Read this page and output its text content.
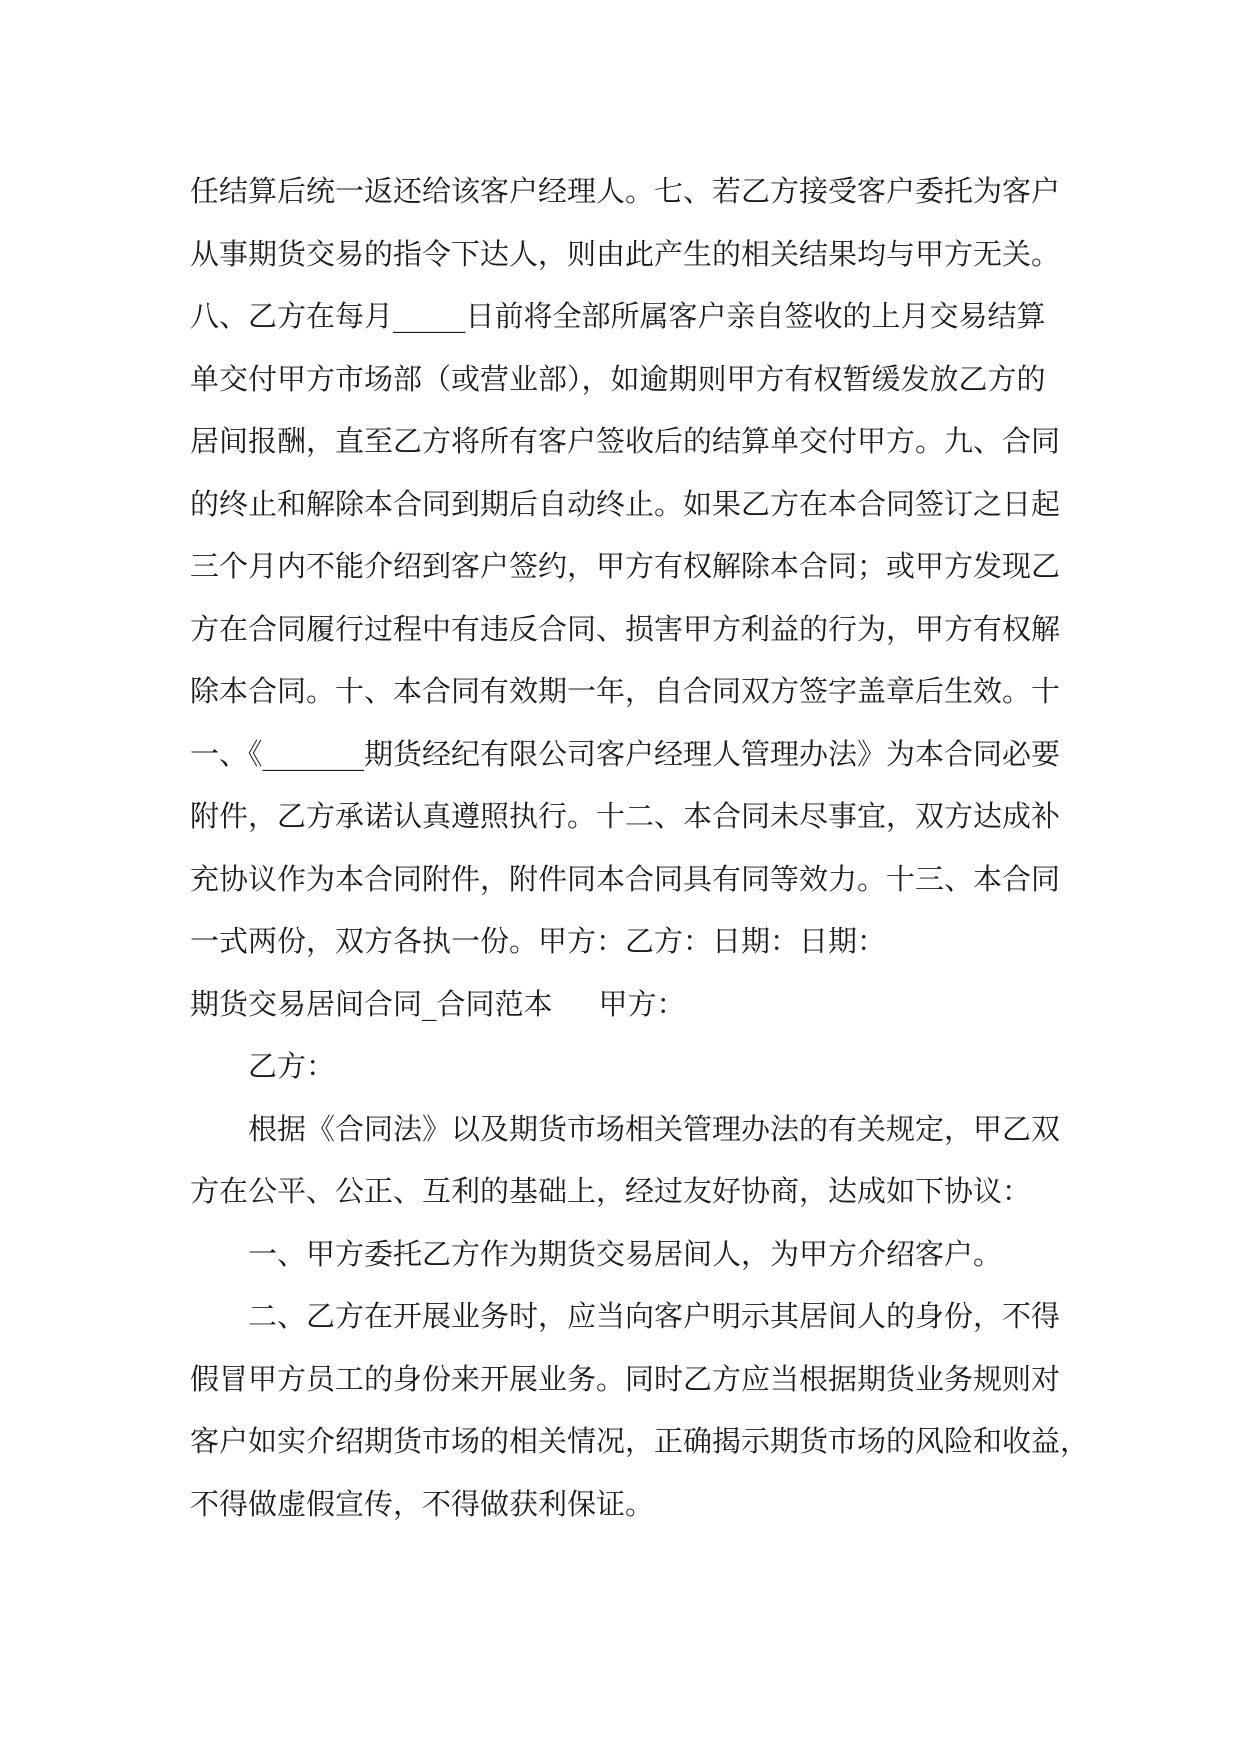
任结算后统一返还给该客户经理人。七、若乙方接受客户委托为客户
从事期货交易的指令下达人，则由此产生的相关结果均与甲方无关。
八、乙方在每月_____日前将全部所属客户亲自签收的上月交易结算
单交付甲方市场部（或营业部），如逾期则甲方有权暂缓发放乙方的
居间报酬，直至乙方将所有客户签收后的结算单交付甲方。九、合同
的终止和解除本合同到期后自动终止。如果乙方在本合同签订之日起
三个月内不能介绍到客户签约，甲方有权解除本合同；或甲方发现乙
方在合同履行过程中有违反合同、损害甲方利益的行为，甲方有权解
除本合同。十、本合同有效期一年，自合同双方签字盖章后生效。十
一、《_______期货经纪有限公司客户经理人管理办法》为本合同必要
附件，乙方承诺认真遵照执行。十二、本合同未尽事宜，双方达成补
充协议作为本合同附件，附件同本合同具有同等效力。十三、本合同
一式两份，双方各执一份。甲方：乙方：日期：日期：
期货交易居间合同_合同范本 甲方：
乙方：
根据《合同法》以及期货市场相关管理办法的有关规定，甲乙双
方在公平、公正、互利的基础上，经过友好协商，达成如下协议：
一、甲方委托乙方作为期货交易居间人，为甲方介绍客户。
二、乙方在开展业务时，应当向客户明示其居间人的身份，不得
假冒甲方员工的身份来开展业务。同时乙方应当根据期货业务规则对
客户如实介绍期货市场的相关情况，正确揭示期货市场的风险和收益，
不得做虚假宣传，不得做获利保证。
